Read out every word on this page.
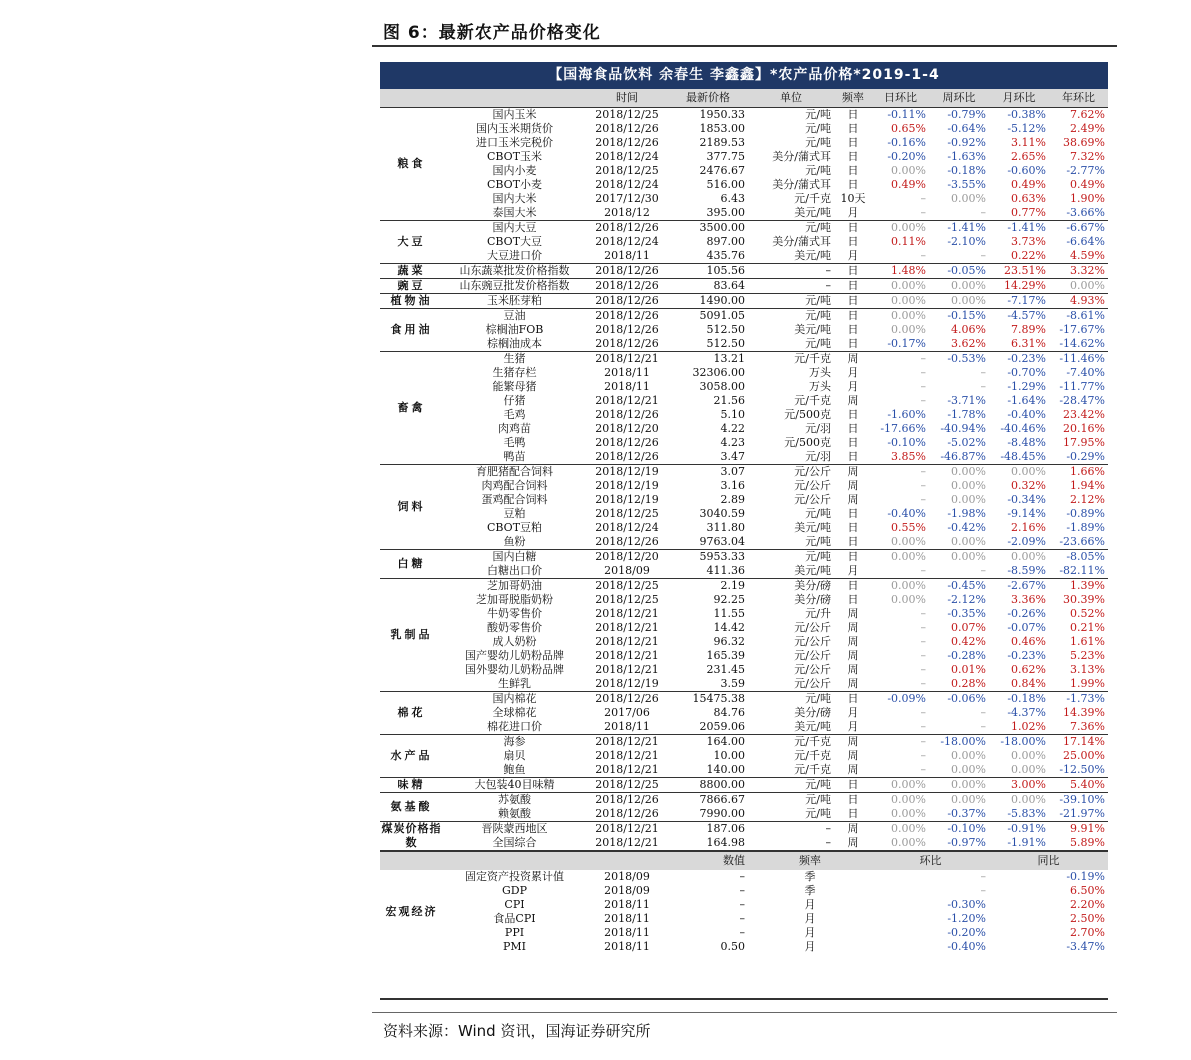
图 6：最新农产品价格变化
【国海食品饮料 余春生 李鑫鑫】*农产品价格*2019-1-4
		时间	最新价格	单位	频率	日环比	周环比	月环比	年环比
粮食	国内玉米	2018/12/25	1950.33	元/吨	日	-0.11%	-0.79%	-0.38%	7.62%
	国内玉米期货价	2018/12/26	1853.00	元/吨	日	0.65%	-0.64%	-5.12%	2.49%
	进口玉米完税价	2018/12/26	2189.53	元/吨	日	-0.16%	-0.92%	3.11%	38.69%
	CBOT玉米	2018/12/24	377.75	美分/蒲式耳	日	-0.20%	-1.63%	2.65%	7.32%
	国内小麦	2018/12/25	2476.67	元/吨	日	0.00%	-0.18%	-0.60%	-2.77%
	CBOT小麦	2018/12/24	516.00	美分/蒲式耳	日	0.49%	-3.55%	0.49%	0.49%
	国内大米	2017/12/30	6.43	元/千克	10天	–	0.00%	0.63%	1.90%
	泰国大米	2018/12	395.00	美元/吨	月	–	–	0.77%	-3.66%
大豆	国内大豆	2018/12/26	3500.00	元/吨	日	0.00%	-1.41%	-1.41%	-6.67%
	CBOT大豆	2018/12/24	897.00	美分/蒲式耳	日	0.11%	-2.10%	3.73%	-6.64%
	大豆进口价	2018/11	435.76	美元/吨	月	–	–	0.22%	4.59%
蔬菜	山东蔬菜批发价格指数	2018/12/26	105.56	–	日	1.48%	-0.05%	23.51%	3.32%
豌豆	山东豌豆批发价格指数	2018/12/26	83.64	–	日	0.00%	0.00%	14.29%	0.00%
植物油	玉米胚芽粕	2018/12/26	1490.00	元/吨	日	0.00%	0.00%	-7.17%	4.93%
食用油	豆油	2018/12/26	5091.05	元/吨	日	0.00%	-0.15%	-4.57%	-8.61%
	棕榈油FOB	2018/12/26	512.50	美元/吨	日	0.00%	4.06%	7.89%	-17.67%
	棕榈油成本	2018/12/26	512.50	元/吨	日	-0.17%	3.62%	6.31%	-14.62%
畜禽	生猪	2018/12/21	13.21	元/千克	周	–	-0.53%	-0.23%	-11.46%
	生猪存栏	2018/11	32306.00	万头	月	–	–	-0.70%	-7.40%
	能繁母猪	2018/11	3058.00	万头	月	–	–	-1.29%	-11.77%
	仔猪	2018/12/21	21.56	元/千克	周	–	-3.71%	-1.64%	-28.47%
	毛鸡	2018/12/26	5.10	元/500克	日	-1.60%	-1.78%	-0.40%	23.42%
	肉鸡苗	2018/12/20	4.22	元/羽	日	-17.66%	-40.94%	-40.46%	20.16%
	毛鸭	2018/12/26	4.23	元/500克	日	-0.10%	-5.02%	-8.48%	17.95%
	鸭苗	2018/12/26	3.47	元/羽	日	3.85%	-46.87%	-48.45%	-0.29%
饲料	育肥猪配合饲料	2018/12/19	3.07	元/公斤	周	–	0.00%	0.00%	1.66%
	肉鸡配合饲料	2018/12/19	3.16	元/公斤	周	–	0.00%	0.32%	1.94%
	蛋鸡配合饲料	2018/12/19	2.89	元/公斤	周	–	0.00%	-0.34%	2.12%
	豆粕	2018/12/25	3040.59	元/吨	日	-0.40%	-1.98%	-9.14%	-0.89%
	CBOT豆粕	2018/12/24	311.80	美元/吨	日	0.55%	-0.42%	2.16%	-1.89%
	鱼粉	2018/12/26	9763.04	元/吨	日	0.00%	0.00%	-2.09%	-23.66%
白糖	国内白糖	2018/12/20	5953.33	元/吨	日	0.00%	0.00%	0.00%	-8.05%
	白糖出口价	2018/09	411.36	美元/吨	月	–	–	-8.59%	-82.11%
乳制品	芝加哥奶油	2018/12/25	2.19	美分/磅	日	0.00%	-0.45%	-2.67%	1.39%
	芝加哥脱脂奶粉	2018/12/25	92.25	美分/磅	日	0.00%	-2.12%	3.36%	30.39%
	牛奶零售价	2018/12/21	11.55	元/升	周	–	-0.35%	-0.26%	0.52%
	酸奶零售价	2018/12/21	14.42	元/公斤	周	–	0.07%	-0.07%	0.21%
	成人奶粉	2018/12/21	96.32	元/公斤	周	–	0.42%	0.46%	1.61%
	国产婴幼儿奶粉品牌	2018/12/21	165.39	元/公斤	周	–	-0.28%	-0.23%	5.23%
	国外婴幼儿奶粉品牌	2018/12/21	231.45	元/公斤	周	–	0.01%	0.62%	3.13%
	生鲜乳	2018/12/19	3.59	元/公斤	周	–	0.28%	0.84%	1.99%
棉花	国内棉花	2018/12/26	15475.38	元/吨	日	-0.09%	-0.06%	-0.18%	-1.73%
	全球棉花	2017/06	84.76	美分/磅	月	–	–	-4.37%	14.39%
	棉花进口价	2018/11	2059.06	美元/吨	月	–	–	1.02%	7.36%
水产品	海参	2018/12/21	164.00	元/千克	周	–	-18.00%	-18.00%	17.14%
	扇贝	2018/12/21	10.00	元/千克	周	–	0.00%	0.00%	25.00%
	鲍鱼	2018/12/21	140.00	元/千克	周	–	0.00%	0.00%	-12.50%
味精	大包装40目味精	2018/12/25	8800.00	元/吨	日	0.00%	0.00%	3.00%	5.40%
氨基酸	苏氨酸	2018/12/26	7866.67	元/吨	日	0.00%	0.00%	0.00%	-39.10%
	赖氨酸	2018/12/26	7990.00	元/吨	日	0.00%	-0.37%	-5.83%	-21.97%
煤炭价格指数	晋陕蒙西地区	2018/12/21	187.06	–	周	0.00%	-0.10%	-0.91%	9.91%
	全国综合	2018/12/21	164.98	–	周	0.00%	-0.97%	-1.91%	5.89%
			数值	频率		环比		同比	
宏观经济	固定资产投资累计值	2018/09	–	季		–		-0.19%	
	GDP	2018/09	–	季		–		6.50%	
	CPI	2018/11	–	月		-0.30%		2.20%	
	食品CPI	2018/11	–	月		-1.20%		2.50%	
	PPI	2018/11	–	月		-0.20%		2.70%	
	PMI	2018/11	0.50	月		-0.40%		-3.47%	
资料来源：Wind 资讯，国海证券研究所
